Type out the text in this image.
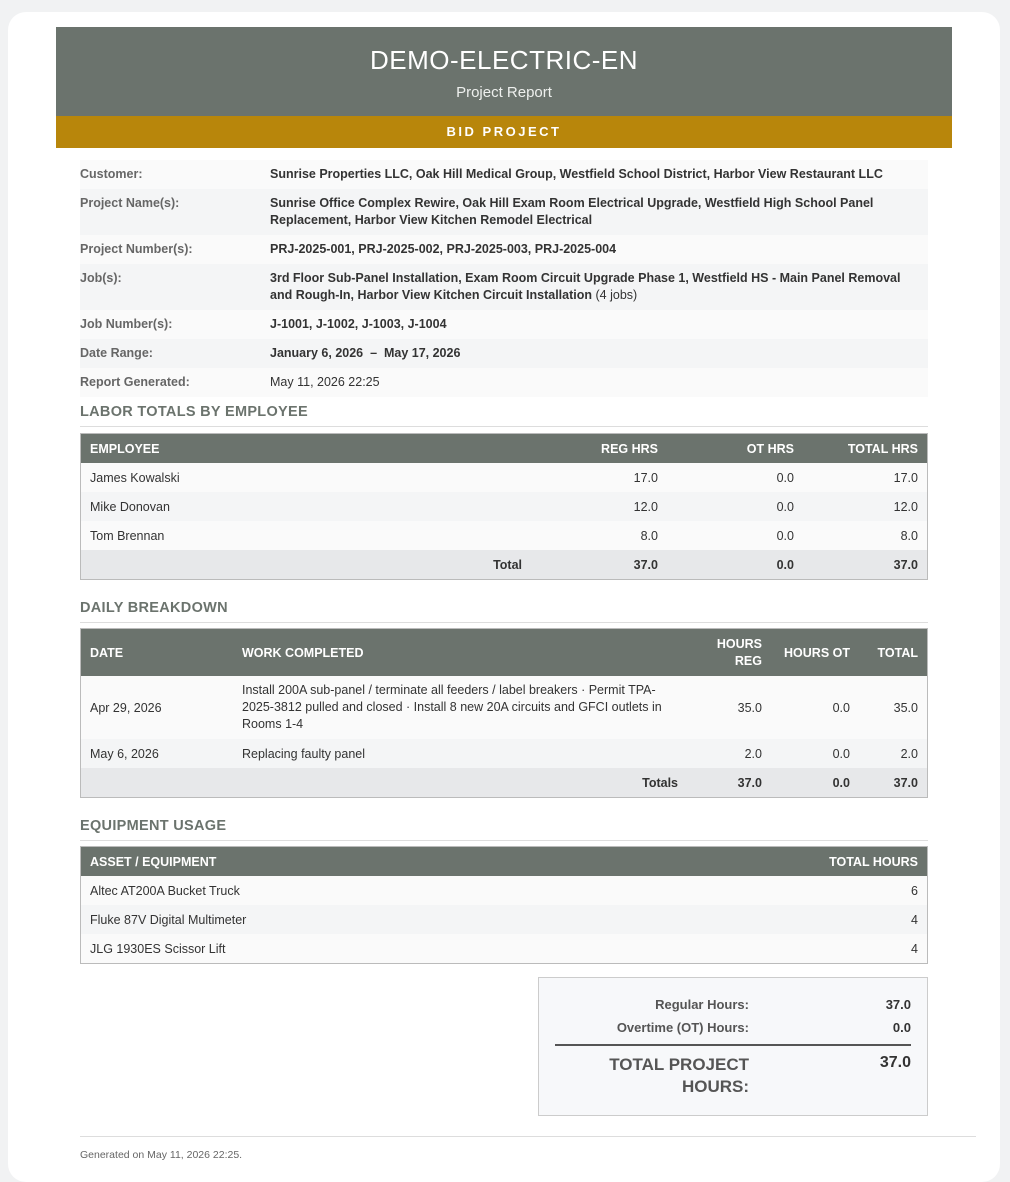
DEMO-ELECTRIC-EN
Project Report
BID PROJECT
Customer:	Sunrise Properties LLC, Oak Hill Medical Group, Westfield School District, Harbor View Restaurant LLC
Project Name(s):	Sunrise Office Complex Rewire, Oak Hill Exam Room Electrical Upgrade, Westfield High School Panel Replacement, Harbor View Kitchen Remodel Electrical
Project Number(s):	PRJ-2025-001, PRJ-2025-002, PRJ-2025-003, PRJ-2025-004
Job(s):	3rd Floor Sub-Panel Installation, Exam Room Circuit Upgrade Phase 1, Westfield HS - Main Panel Removal and Rough-In, Harbor View Kitchen Circuit Installation (4 jobs)
Job Number(s):	J-1001, J-1002, J-1003, J-1004
Date Range:	January 6, 2026  –  May 17, 2026
Report Generated:	May 11, 2026 22:25
LABOR TOTALS BY EMPLOYEE
EMPLOYEE	REG HRS	OT HRS	TOTAL HRS
James Kowalski	17.0	0.0	17.0
Mike Donovan	12.0	0.0	12.0
Tom Brennan	8.0	0.0	8.0
Total	37.0	0.0	37.0
DAILY BREAKDOWN
DATE	WORK COMPLETED	HOURS REG	HOURS OT	TOTAL
Apr 29, 2026	Install 200A sub-panel / terminate all feeders / label breakers · Permit TPA-2025-3812 pulled and closed · Install 8 new 20A circuits and GFCI outlets in Rooms 1-4	35.0	0.0	35.0
May 6, 2026	Replacing faulty panel	2.0	0.0	2.0
	Totals	37.0	0.0	37.0
EQUIPMENT USAGE
ASSET / EQUIPMENT	TOTAL HOURS
Altec AT200A Bucket Truck	6
Fluke 87V Digital Multimeter	4
JLG 1930ES Scissor Lift	4
Regular Hours:	37.0
Overtime (OT) Hours:	0.0
TOTAL PROJECT HOURS:
37.0
Generated on May 11, 2026 22:25.
